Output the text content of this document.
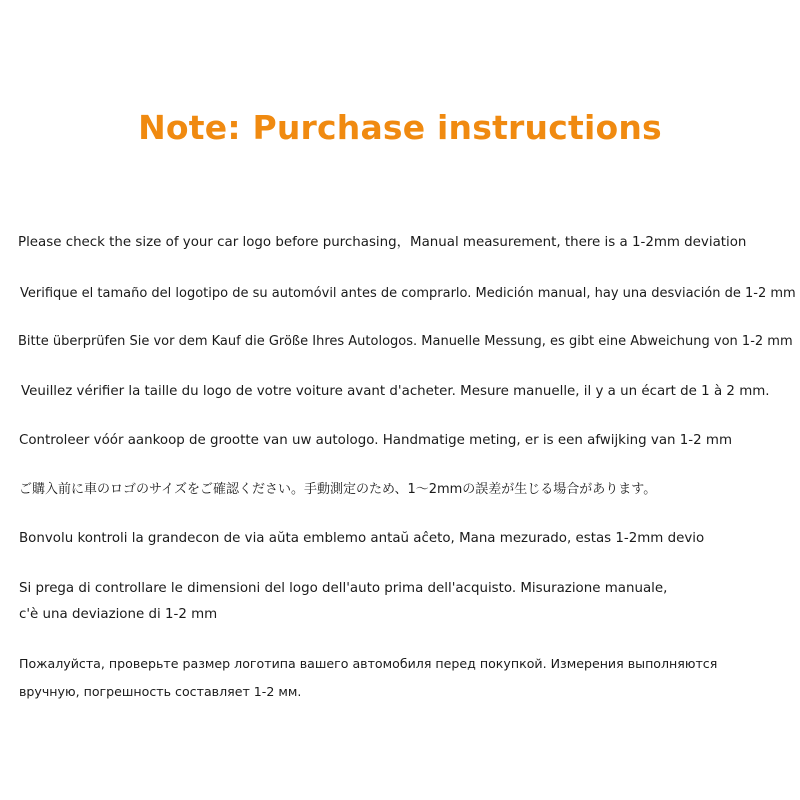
Note: Purchase instructions
Please check the size of your car logo before purchasing，Manual measurement, there is a 1-2mm deviation
Verifique el tamaño del logotipo de su automóvil antes de comprarlo. Medición manual, hay una desviación de 1-2 mm
Bitte überprüfen Sie vor dem Kauf die Größe Ihres Autologos. Manuelle Messung, es gibt eine Abweichung von 1-2 mm
Veuillez vérifier la taille du logo de votre voiture avant d'acheter. Mesure manuelle, il y a un écart de 1 à 2 mm.
Controleer vóór aankoop de grootte van uw autologo. Handmatige meting, er is een afwijking van 1-2 mm
ご購入前に車のロゴのサイズをご確認ください。手動測定のため、1〜2mmの誤差が生じる場合があります。
Bonvolu kontroli la grandecon de via aŭta emblemo antaŭ aĉeto, Mana mezurado, estas 1-2mm devio
Si prega di controllare le dimensioni del logo dell'auto prima dell'acquisto. Misurazione manuale,
c'è una deviazione di 1-2 mm
Пожалуйста, проверьте размер логотипа вашего автомобиля перед покупкой. Измерения выполняются
вручную, погрешность составляет 1-2 мм.
